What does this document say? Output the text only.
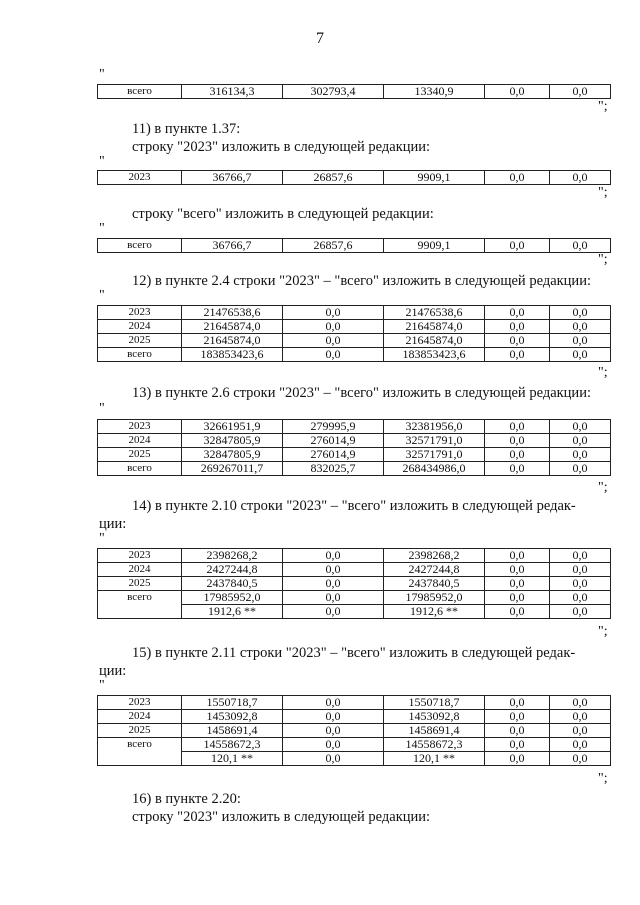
7
"
всего	316134,3	302793,4	13340,9	0,0	0,0
";
11) в пункте 1.37:
строку "2023" изложить в следующей редакции:
"
2023	36766,7	26857,6	9909,1	0,0	0,0
";
строку "всего" изложить в следующей редакции:
"
всего	36766,7	26857,6	9909,1	0,0	0,0
";
12) в пункте 2.4 строки "2023" – "всего" изложить в следующей редакции:
"
2023	21476538,6	0,0	21476538,6	0,0	0,0
2024	21645874,0	0,0	21645874,0	0,0	0,0
2025	21645874,0	0,0	21645874,0	0,0	0,0
всего	183853423,6	0,0	183853423,6	0,0	0,0
";
13) в пункте 2.6 строки "2023" – "всего" изложить в следующей редакции:
"
2023	32661951,9	279995,9	32381956,0	0,0	0,0
2024	32847805,9	276014,9	32571791,0	0,0	0,0
2025	32847805,9	276014,9	32571791,0	0,0	0,0
всего	269267011,7	832025,7	268434986,0	0,0	0,0
";
14) в пункте 2.10 строки "2023" – "всего" изложить в следующей редак-
ции:
"
2023	2398268,2	0,0	2398268,2	0,0	0,0
2024	2427244,8	0,0	2427244,8	0,0	0,0
2025	2437840,5	0,0	2437840,5	0,0	0,0
всего	17985952,0	0,0	17985952,0	0,0	0,0
	1912,6 **	0,0	1912,6 **	0,0	0,0
";
15) в пункте 2.11 строки "2023" – "всего" изложить в следующей редак-
ции:
"
2023	1550718,7	0,0	1550718,7	0,0	0,0
2024	1453092,8	0,0	1453092,8	0,0	0,0
2025	1458691,4	0,0	1458691,4	0,0	0,0
всего	14558672,3	0,0	14558672,3	0,0	0,0
	120,1 **	0,0	120,1 **	0,0	0,0
";
16) в пункте 2.20:
строку "2023" изложить в следующей редакции:
